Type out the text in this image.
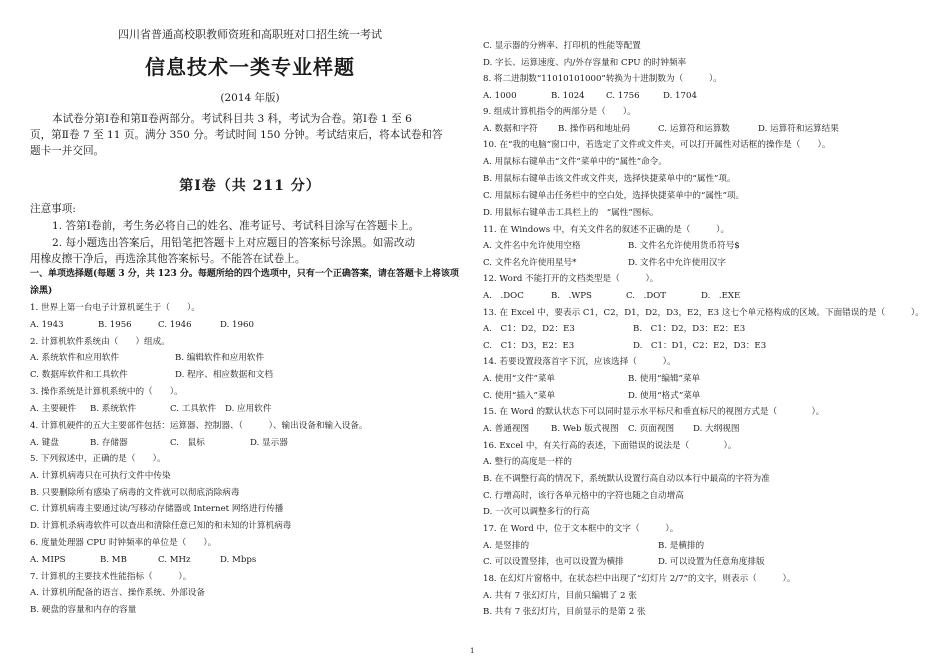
四川省普通高校职教师资班和高职班对口招生统一考试
信息技术一类专业样题
(2014 年版)
本试卷分第Ⅰ卷和第Ⅱ卷两部分。考试科目共 3 科，考试为合卷。第Ⅰ卷 1 至 6
页，第Ⅱ卷 7 至 11 页。满分 350 分。考试时间 150 分钟。考试结束后，将本试卷和答
题卡一并交回。
第Ⅰ卷（共 211 分）
注意事项:
1. 答第Ⅰ卷前，考生务必将自己的姓名、准考证号、考试科目涂写在答题卡上。
2. 每小题选出答案后，用铅笔把答题卡上对应题目的答案标号涂黑。如需改动
用橡皮擦干净后，再选涂其他答案标号。不能答在试卷上。
一、单项选择题(每题 3 分，共 123 分。每题所给的四个选项中，只有一个正确答案，请在答题卡上将该项
涂黑)
1. 世界上第一台电子计算机诞生于（　　）。
A. 1943	B. 1956	C. 1946	D. 1960
2. 计算机软件系统由（　　）组成。
A. 系统软件和应用软件	B. 编辑软件和应用软件
C. 数据库软件和工具软件	D. 程序、相应数据和文档
3. 操作系统是计算机系统中的（　　）。
A. 主要硬件 B. 系统软件	C. 工具软件 D. 应用软件
4. 计算机硬件的五大主要部件包括：运算器、控制器、（　　　）、输出设备和输入设备。
A. 键盘	B. 存储器	C.　鼠标	D. 显示器
5. 下列叙述中，正确的是（　　）。
A. 计算机病毒只在可执行文件中传染
B. 只要删除所有感染了病毒的文件就可以彻底消除病毒
C. 计算机病毒主要通过读/写移动存储器或 Internet 网络进行传播
D. 计算机杀病毒软件可以查出和清除任意已知的和未知的计算机病毒
6. 度量处理器 CPU 时钟频率的单位是（　　）。
A. MIPS	B. MB	C. MHz	D. Mbps
7. 计算机的主要技术性能指标（　　　）。
A. 计算机所配备的语言、操作系统、外部设备
B. 硬盘的容量和内存的容量
C. 显示器的分辨率、打印机的性能等配置
D. 字长、运算速度、内/外存容量和 CPU 的时钟频率
8. 将二进制数“11010101000”转换为十进制数为（　　　）。
A. 1000	B. 1024 C. 1756	D. 1704
9. 组成计算机指令的两部分是（　　）。
A. 数据和字符 B. 操作码和地址码	C. 运算符和运算数	D. 运算符和运算结果
10. 在“我的电脑”窗口中，若选定了文件或文件夹，可以打开属性对话框的操作是（　　）。
A. 用鼠标右键单击“文件”菜单中的“属性”命令。
B. 用鼠标右键单击该文件或文件夹，选择快捷菜单中的“属性”项。
C. 用鼠标右键单击任务栏中的空白处，选择快捷菜单中的“属性”项。
D. 用鼠标右键单击工具栏上的　“属性”图标。
11. 在 Windows 中，有关文件名的叙述不正确的是（　　　）。
A. 文件名中允许使用空格	B. 文件名允许使用货币符号$
C. 文件名允许使用星号*	D. 文件名中允许使用汉字
12. Word 不能打开的文档类型是（　　　）。
A.　.DOC	B.　.WPS	C.　.DOT	D.　.EXE
13. 在 Excel 中，要表示 C1，C2，D1，D2，D3，E2，E3 这七个单元格构成的区域。下面错误的是（　　　）。
A.　C1：D2，D2：E3	B.　C1：D2，D3：E2：E3
C.　C1：D3，E2：E3	D.　C1：D1，C2：E2，D3：E3
14. 若要设置段落首字下沉，应该选择（　　　）。
A. 使用“文件”菜单	B. 使用“编辑”菜单
C. 使用“插入”菜单	D. 使用“格式”菜单
15. 在 Word 的默认状态下可以同时显示水平标尺和垂直标尺的视图方式是（　　　　）。
A. 普通视图	B. Web 版式视图 C. 页面视图 D. 大纲视图
16. Excel 中，有关行高的表述，下面错误的说法是（　　　　）。
A. 整行的高度是一样的
B. 在不调整行高的情况下，系统默认设置行高自动以本行中最高的字符为准
C. 行增高时，该行各单元格中的字符也随之自动增高
D. 一次可以调整多行的行高
17. 在 Word 中，位于文本框中的文字（　　　）。
A. 是竖排的	B. 是横排的
C. 可以设置竖排，也可以设置为横排	D. 可以设置为任意角度排版
18. 在幻灯片窗格中，在状态栏中出现了“幻灯片 2/7”的文字，则表示（　　　）。
A. 共有 7 张幻灯片，目前只编辑了 2 张
B. 共有 7 张幻灯片，目前显示的是第 2 张
1
